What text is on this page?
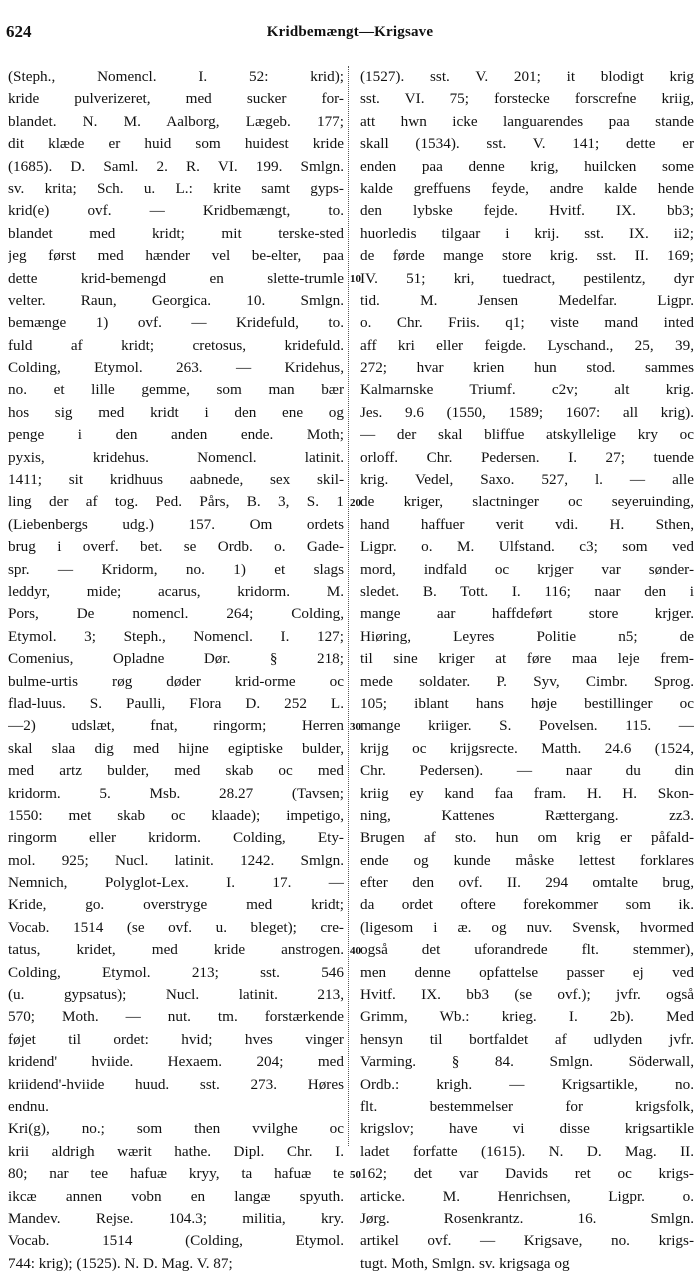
624	Kridbemængt—Krigsave
(Steph., Nomencl. I. 52: krid);
kride pulverizeret, med sucker for-
blandet. N. M. Aalborg, Lægeb. 177;
dit klæde er huid som huidest kride
(1685). D. Saml. 2. R. VI. 199. Smlgn.
sv. krita; Sch. u. L.: krite samt gyps-
krid(e) ovf. — Kridbemængt, to.
blandet med kridt; mit terske-sted
jeg først med hænder vel be-elter, paa
dette krid-bemengd en slette-trumle
velter. Raun, Georgica. 10. Smlgn.
bemænge 1) ovf. — Kridefuld, to.
fuld af kridt; cretosus, kridefuld.
Colding, Etymol. 263. — Kridehus,
no. et lille gemme, som man bær
hos sig med kridt i den ene og
penge i den anden ende. Moth;
pyxis, kridehus. Nomencl. latinit.
1411; sit kridhuus aabnede, sex skil-
ling der af tog. Ped. Pårs, B. 3, S. 1
(Liebenbergs udg.) 157. Om ordets
brug i overf. bet. se Ordb. o. Gade-
spr. — Kridorm, no. 1) et slags
leddyr, mide; acarus, kridorm. M.
Pors, De nomencl. 264; Colding,
Etymol. 3; Steph., Nomencl. I. 127;
Comenius, Opladne Dør. § 218;
bulme-urtis røg døder krid-orme oc
flad-luus. S. Paulli, Flora D. 252 L.
—2) udslæt, fnat, ringorm; Herren
skal slaa dig med hijne egiptiske bulder,
med artz bulder, med skab oc med
kridorm. 5. Msb. 28.27 (Tavsen;
1550: met skab oc klaade); impetigo,
ringorm eller kridorm. Colding, Ety-
mol. 925; Nucl. latinit. 1242. Smlgn.
Nemnich, Polyglot-Lex. I. 17. —
Kride, go. overstryge med kridt;
Vocab. 1514 (se ovf. u. bleget); cre-
tatus, kridet, med kride anstrogen.
Colding, Etymol. 213; sst. 546
(u. gypsatus); Nucl. latinit. 213,
570; Moth. — nut. tm. forstærkende
føjet til ordet: hvid; hves vinger
kridend' hviide. Hexaem. 204; med
kriidend'-hviide huud. sst. 273. Høres
endnu.
Kri(g), no.; som then vvilghe oc
krii aldrigh wærit hathe. Dipl. Chr. I.
80; nar tee hafuæ kryy, ta hafuæ te
ikcæ annen vobn en langæ spyuth.
Mandev. Rejse. 104.3; militia, kry.
Vocab. 1514 (Colding, Etymol.
744: krig); (1525). N. D. Mag. V. 87;
(1527). sst. V. 201; it blodigt krig
sst. VI. 75; forstecke forscrefne kriig,
att hwn icke languarendes paa stande
skall (1534). sst. V. 141; dette er
enden paa denne krig, huilcken some
kalde greffuens feyde, andre kalde hende
den lybske fejde. Hvitf. IX. bb3;
huorledis tilgaar i krij. sst. IX. ii2;
de førde mange store krig. sst. II. 169;
IV. 51; kri, tuedract, pestilentz, dyr
tid. M. Jensen Medelfar. Ligpr.
o. Chr. Friis. q1; viste mand inted
aff kri eller feigde. Lyschand., 25, 39,
272; hvar krien hun stod. sammes
Kalmarnske Triumf. c2v; alt krig.
Jes. 9.6 (1550, 1589; 1607: all krig).
— der skal bliffue atskyllelige kry oc
orloff. Chr. Pedersen. I. 27; tuende
krig. Vedel, Saxo. 527, l. — alle
de kriger, slactninger oc seyeruinding,
hand haffuer verit vdi. H. Sthen,
Ligpr. o. M. Ulfstand. c3; som ved
mord, indfald oc krjger var sønder-
sledet. B. Tott. I. 116; naar den i
mange aar haffdeført store krjger.
Hiøring, Leyres Politie n5; de
til sine kriger at føre maa leje frem-
mede soldater. P. Syv, Cimbr. Sprog.
105; iblant hans høje bestillinger oc
mange kriiger. S. Povelsen. 115. —
krijg oc krijgsrecte. Matth. 24.6 (1524,
Chr. Pedersen). — naar du din
kriig ey kand faa fram. H. H. Skon-
ning, Kattenes Rættergang. zz3.
Brugen af sto. hun om krig er påfald-
ende og kunde måske lettest forklares
efter den ovf. II. 294 omtalte brug,
da ordet oftere forekommer som ik.
(ligesom i æ. og nuv. Svensk, hvormed
også det uforandrede flt. stemmer),
men denne opfattelse passer ej ved
Hvitf. IX. bb3 (se ovf.); jvfr. også
Grimm, Wb.: krieg. I. 2b). Med
hensyn til bortfaldet af udlyden jvfr.
Varming. § 84. Smlgn. Söderwall,
Ordb.: krigh. — Krigsartikle, no.
flt. bestemmelser for krigsfolk,
krigslov; have vi disse krigsartikle
ladet forfatte (1615). N. D. Mag. II.
162; det var Davids ret oc krigs-
articke. M. Henrichsen, Ligpr. o.
Jørg. Rosenkrantz. 16. Smlgn.
artikel ovf. — Krigsave, no. krigs-
tugt. Moth, Smlgn. sv. krigsaga og
10
20
30
40
50
